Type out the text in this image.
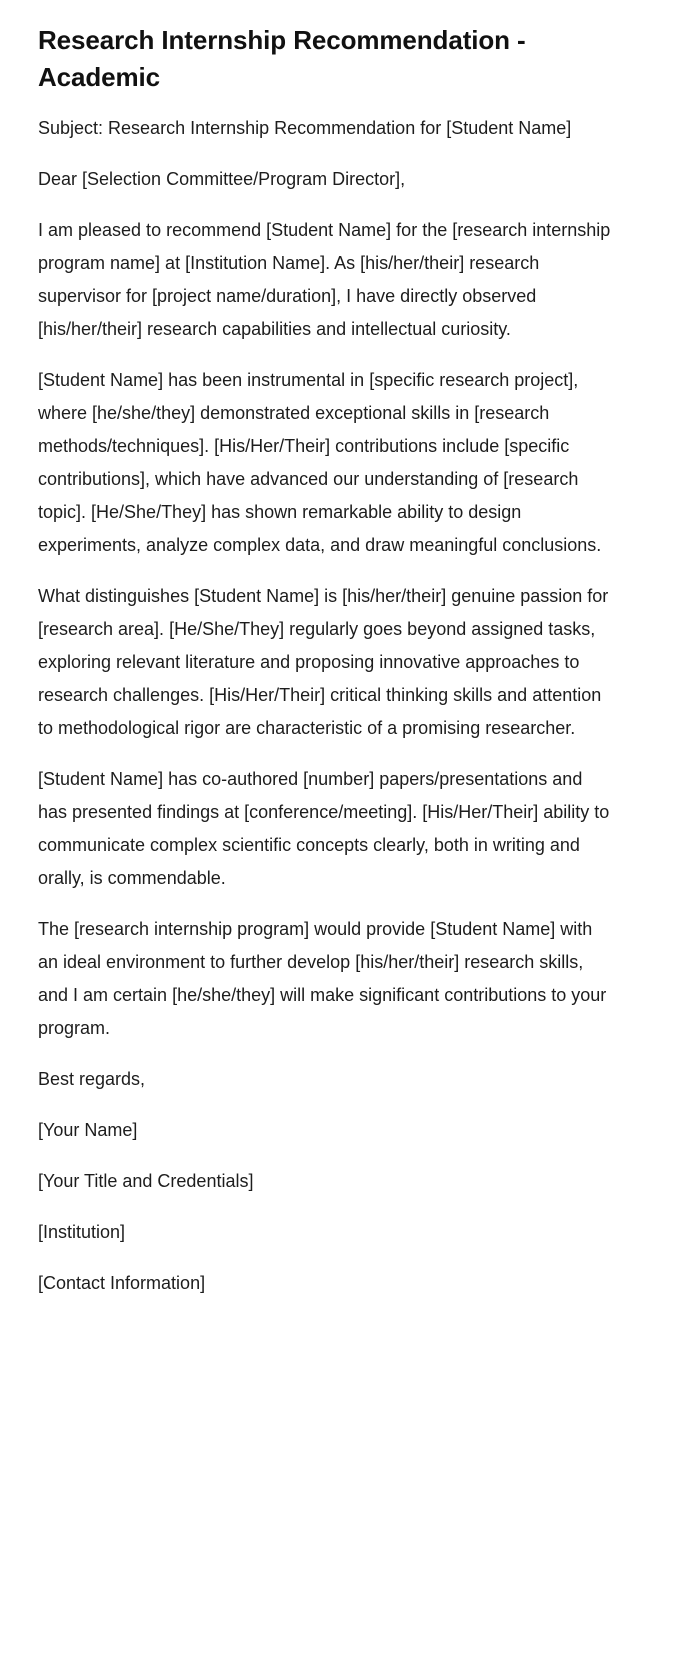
Research Internship Recommendation - Academic

Subject: Research Internship Recommendation for [Student Name]

Dear [Selection Committee/Program Director],

I am pleased to recommend [Student Name] for the [research internship program name] at [Institution Name]. As [his/her/their] research supervisor for [project name/duration], I have directly observed [his/her/their] research capabilities and intellectual curiosity.

[Student Name] has been instrumental in [specific research project], where [he/she/they] demonstrated exceptional skills in [research methods/techniques]. [His/Her/Their] contributions include [specific contributions], which have advanced our understanding of [research topic]. [He/She/They] has shown remarkable ability to design experiments, analyze complex data, and draw meaningful conclusions.

What distinguishes [Student Name] is [his/her/their] genuine passion for [research area]. [He/She/They] regularly goes beyond assigned tasks, exploring relevant literature and proposing innovative approaches to research challenges. [His/Her/Their] critical thinking skills and attention to methodological rigor are characteristic of a promising researcher.

[Student Name] has co-authored [number] papers/presentations and has presented findings at [conference/meeting]. [His/Her/Their] ability to communicate complex scientific concepts clearly, both in writing and orally, is commendable.

The [research internship program] would provide [Student Name] with an ideal environment to further develop [his/her/their] research skills, and I am certain [he/she/they] will make significant contributions to your program.

Best regards,

[Your Name]

[Your Title and Credentials]

[Institution]

[Contact Information]
